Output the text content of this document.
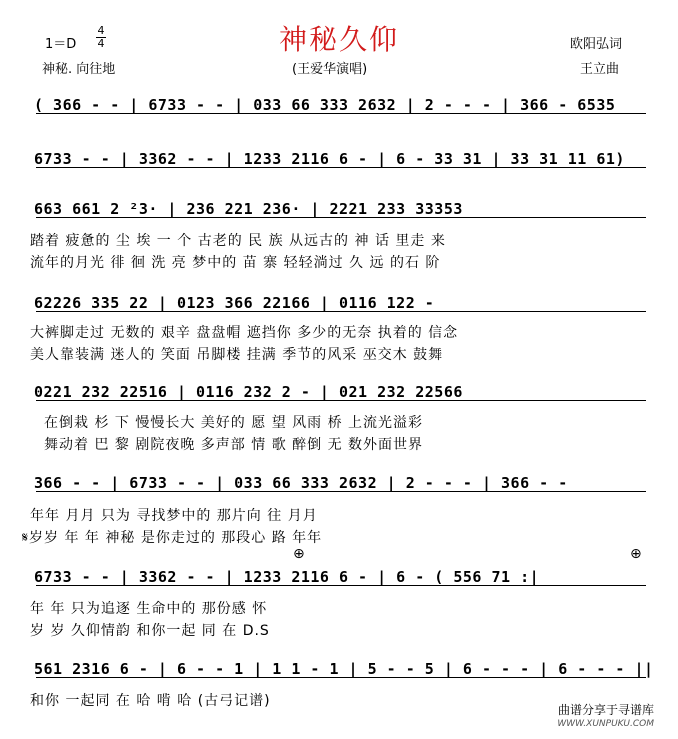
神秘久仰
1＝D
4
4
神秘. 向往地	(王爱华演唱)
欧阳弘词
王立曲
( 366 - - | 6733 - - | 033 66 333 2632 | 2 - - - | 366 - 6535
6733 - - | 3362 - - | 1233 2116 6 - | 6 - 33 31 | 33 31 11 61)
663 661 2 ²3· | 236 221 236· | 2221 233 33353
踏着 疲惫的 尘 埃 一 个 古老的 民 族 从远古的 神 话 里走 来
流年的月光 徘 徊 洗 亮 梦中的 苗 寨 轻轻淌过 久 远 的石 阶
62226 335 22 | 0123 366 22166 | 0116 122 -
大裤脚走过 无数的 艰辛 盘盘帽 遮挡你 多少的无奈 执着的 信念
美人靠装满 迷人的 笑面 吊脚楼 挂满 季节的风采 巫交木 鼓舞
0221 232 22516 | 0116 232 2 - | 021 232 22566
在倒栽 杉 下 慢慢长大 美好的 愿 望 风雨 桥 上流光溢彩
舞动着 巴 黎 剧院夜晚 多声部 情 歌 醉倒 无 数外面世界
366 - - | 6733 - - | 033 66 333 2632 | 2 - - - | 366 - -
年年 月月 只为 寻找梦中的 那片向 往 月月
𝄋岁岁 年 年 神秘 是你走过的 那段心 路 年年
⊕	⊕
6733 - - | 3362 - - | 1233 2116 6 - | 6 - ( 556 71 :|
年 年 只为追逐 生命中的 那份感 怀
岁 岁 久仰情韵 和你一起 同 在 D.S
561 2316 6 - | 6 - - 1 | 1 1 - 1 | 5 - - 5 | 6 - - - | 6 - - - ||
和你 一起同 在 哈 啃 哈 (古弓记谱)
曲谱分享于寻谱库
WWW.XUNPUKU.COM
